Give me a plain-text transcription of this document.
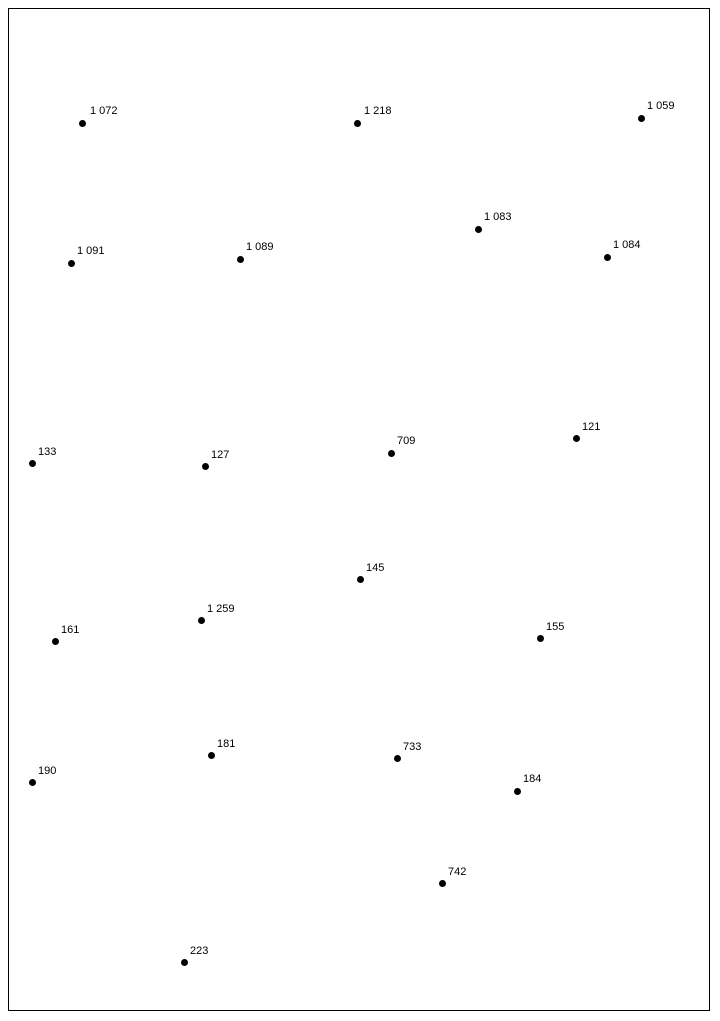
1 072	1 218	1 059
1 083
1 091	1 089	1 084
121
709
133	127
145
1 259
161	155
181	733
190
184
742
223
